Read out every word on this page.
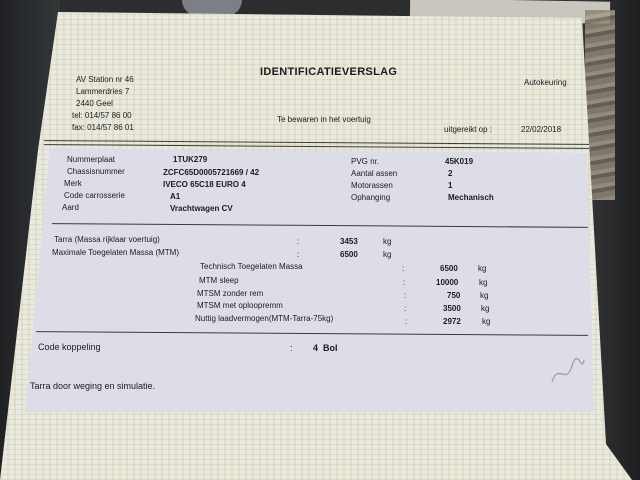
AV Station nr 46
Lammerdries 7
2440 Geel
tel: 014/57 86 00
fax: 014/57 86 01
IDENTIFICATIEVERSLAG
Autokeuring
Te bewaren in het voertuig
uitgereikt op :	22/02/2018
Nummerplaat	1TUK279
Chassisnummer	ZCFC65D0005721669 / 42
Merk	IVECO 65C18 EURO 4
Code carrosserie	A1
Aard	Vrachtwagen CV
PVG nr.	45K019
Aantal assen	2
Motorassen	1
Ophanging	Mechanisch
Tarra (Massa rijklaar voertuig)	:	3453	kg
Maximale Toegelaten Massa (MTM)	:	6500	kg
Technisch Toegelaten Massa	:	6500	kg
MTM sleep	:	10000	kg
MTSM zonder rem	:	750 kg
MTSM met oploopremm	:	3500	kg
Nuttig laadvermogen(MTM-Tarra-75kg)	:	2972	kg
Code koppeling	: 4  Bol
Tarra door weging en simulatie.
